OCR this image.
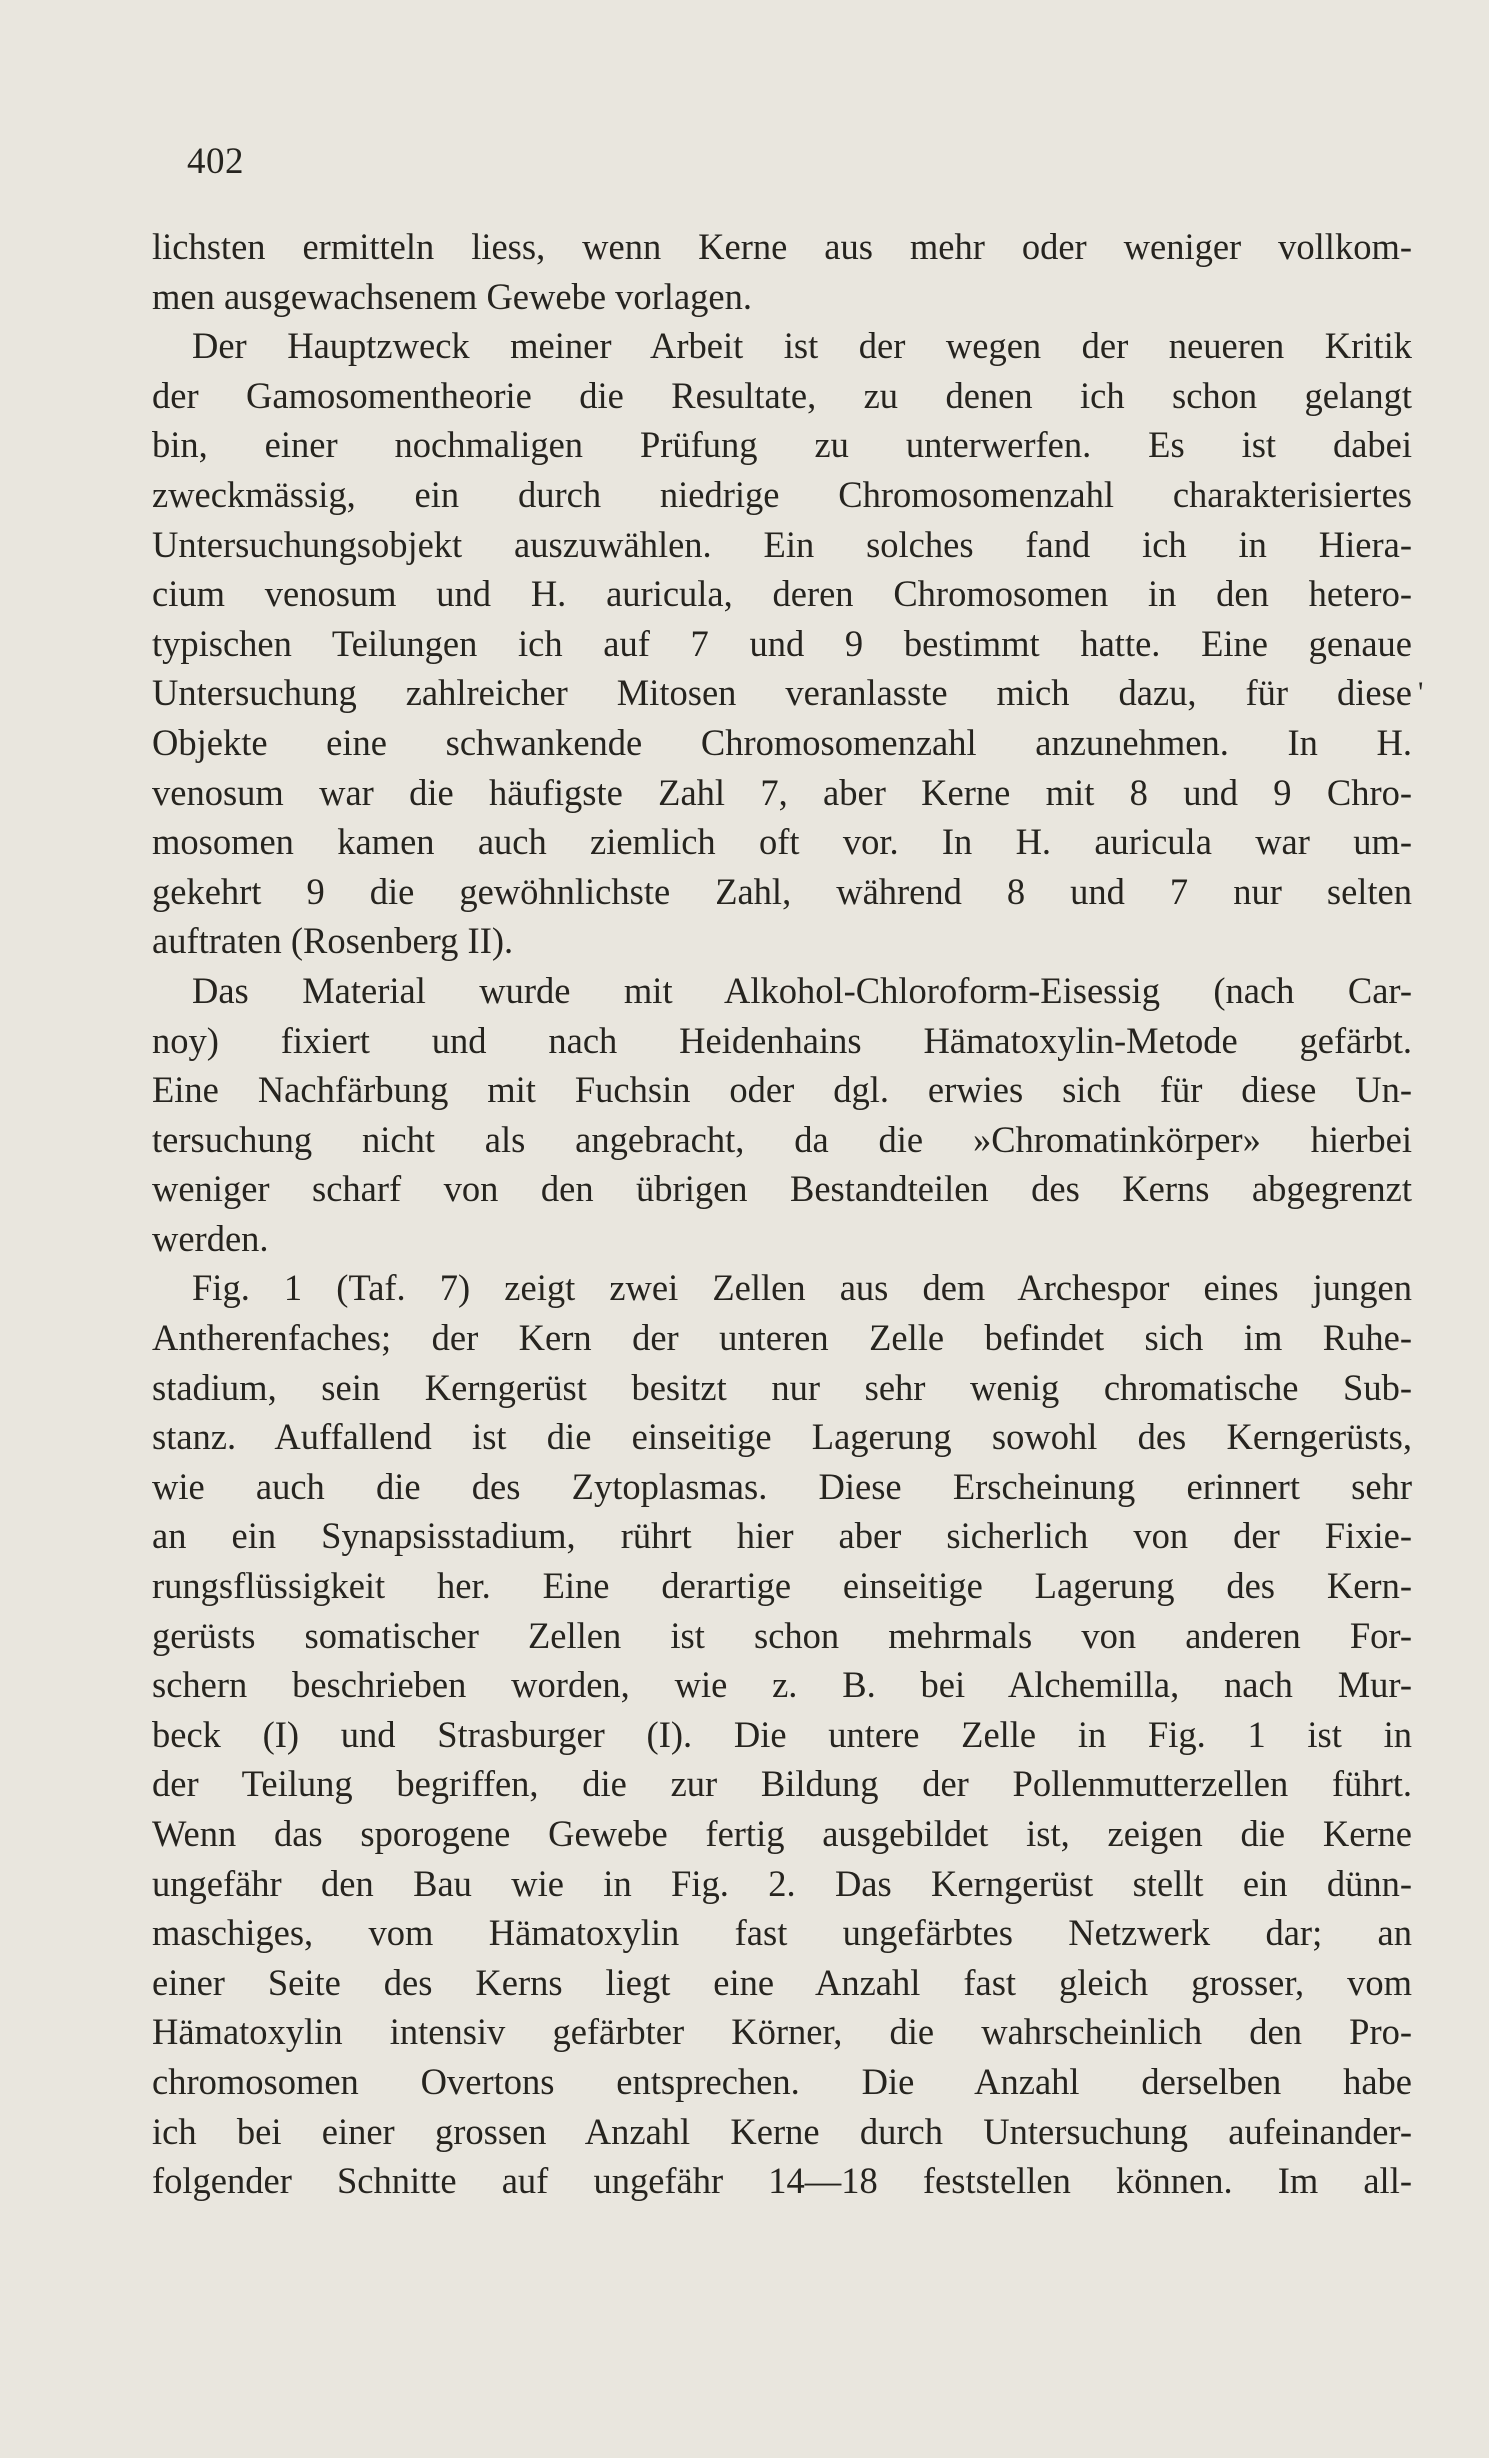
402
lichsten ermitteln liess, wenn Kerne aus mehr oder weniger vollkom-
men ausgewachsenem Gewebe vorlagen.
Der Hauptzweck meiner Arbeit ist der wegen der neueren Kritik
der Gamosomentheorie die Resultate, zu denen ich schon gelangt
bin, einer nochmaligen Prüfung zu unterwerfen. Es ist dabei
zweckmässig, ein durch niedrige Chromosomenzahl charakterisiertes
Untersuchungsobjekt auszuwählen. Ein solches fand ich in Hiera-
cium venosum und H. auricula, deren Chromosomen in den hetero-
typischen Teilungen ich auf 7 und 9 bestimmt hatte. Eine genaue
Untersuchung zahlreicher Mitosen veranlasste mich dazu, für diese
Objekte eine schwankende Chromosomenzahl anzunehmen. In H.
venosum war die häufigste Zahl 7, aber Kerne mit 8 und 9 Chro-
mosomen kamen auch ziemlich oft vor. In H. auricula war um-
gekehrt 9 die gewöhnlichste Zahl, während 8 und 7 nur selten
auftraten (Rosenberg II).
Das Material wurde mit Alkohol-Chloroform-Eisessig (nach Car-
noy) fixiert und nach Heidenhains Hämatoxylin-Metode gefärbt.
Eine Nachfärbung mit Fuchsin oder dgl. erwies sich für diese Un-
tersuchung nicht als angebracht, da die »Chromatinkörper» hierbei
weniger scharf von den übrigen Bestandteilen des Kerns abgegrenzt
werden.
Fig. 1 (Taf. 7) zeigt zwei Zellen aus dem Archespor eines jungen
Antherenfaches; der Kern der unteren Zelle befindet sich im Ruhe-
stadium, sein Kerngerüst besitzt nur sehr wenig chromatische Sub-
stanz. Auffallend ist die einseitige Lagerung sowohl des Kerngerüsts,
wie auch die des Zytoplasmas. Diese Erscheinung erinnert sehr
an ein Synapsisstadium, rührt hier aber sicherlich von der Fixie-
rungsflüssigkeit her. Eine derartige einseitige Lagerung des Kern-
gerüsts somatischer Zellen ist schon mehrmals von anderen For-
schern beschrieben worden, wie z. B. bei Alchemilla, nach Mur-
beck (I) und Strasburger (I). Die untere Zelle in Fig. 1 ist in
der Teilung begriffen, die zur Bildung der Pollenmutterzellen führt.
Wenn das sporogene Gewebe fertig ausgebildet ist, zeigen die Kerne
ungefähr den Bau wie in Fig. 2. Das Kerngerüst stellt ein dünn-
maschiges, vom Hämatoxylin fast ungefärbtes Netzwerk dar; an
einer Seite des Kerns liegt eine Anzahl fast gleich grosser, vom
Hämatoxylin intensiv gefärbter Körner, die wahrscheinlich den Pro-
chromosomen Overtons entsprechen. Die Anzahl derselben habe
ich bei einer grossen Anzahl Kerne durch Untersuchung aufeinander-
folgender Schnitte auf ungefähr 14—18 feststellen können. Im all-
'
